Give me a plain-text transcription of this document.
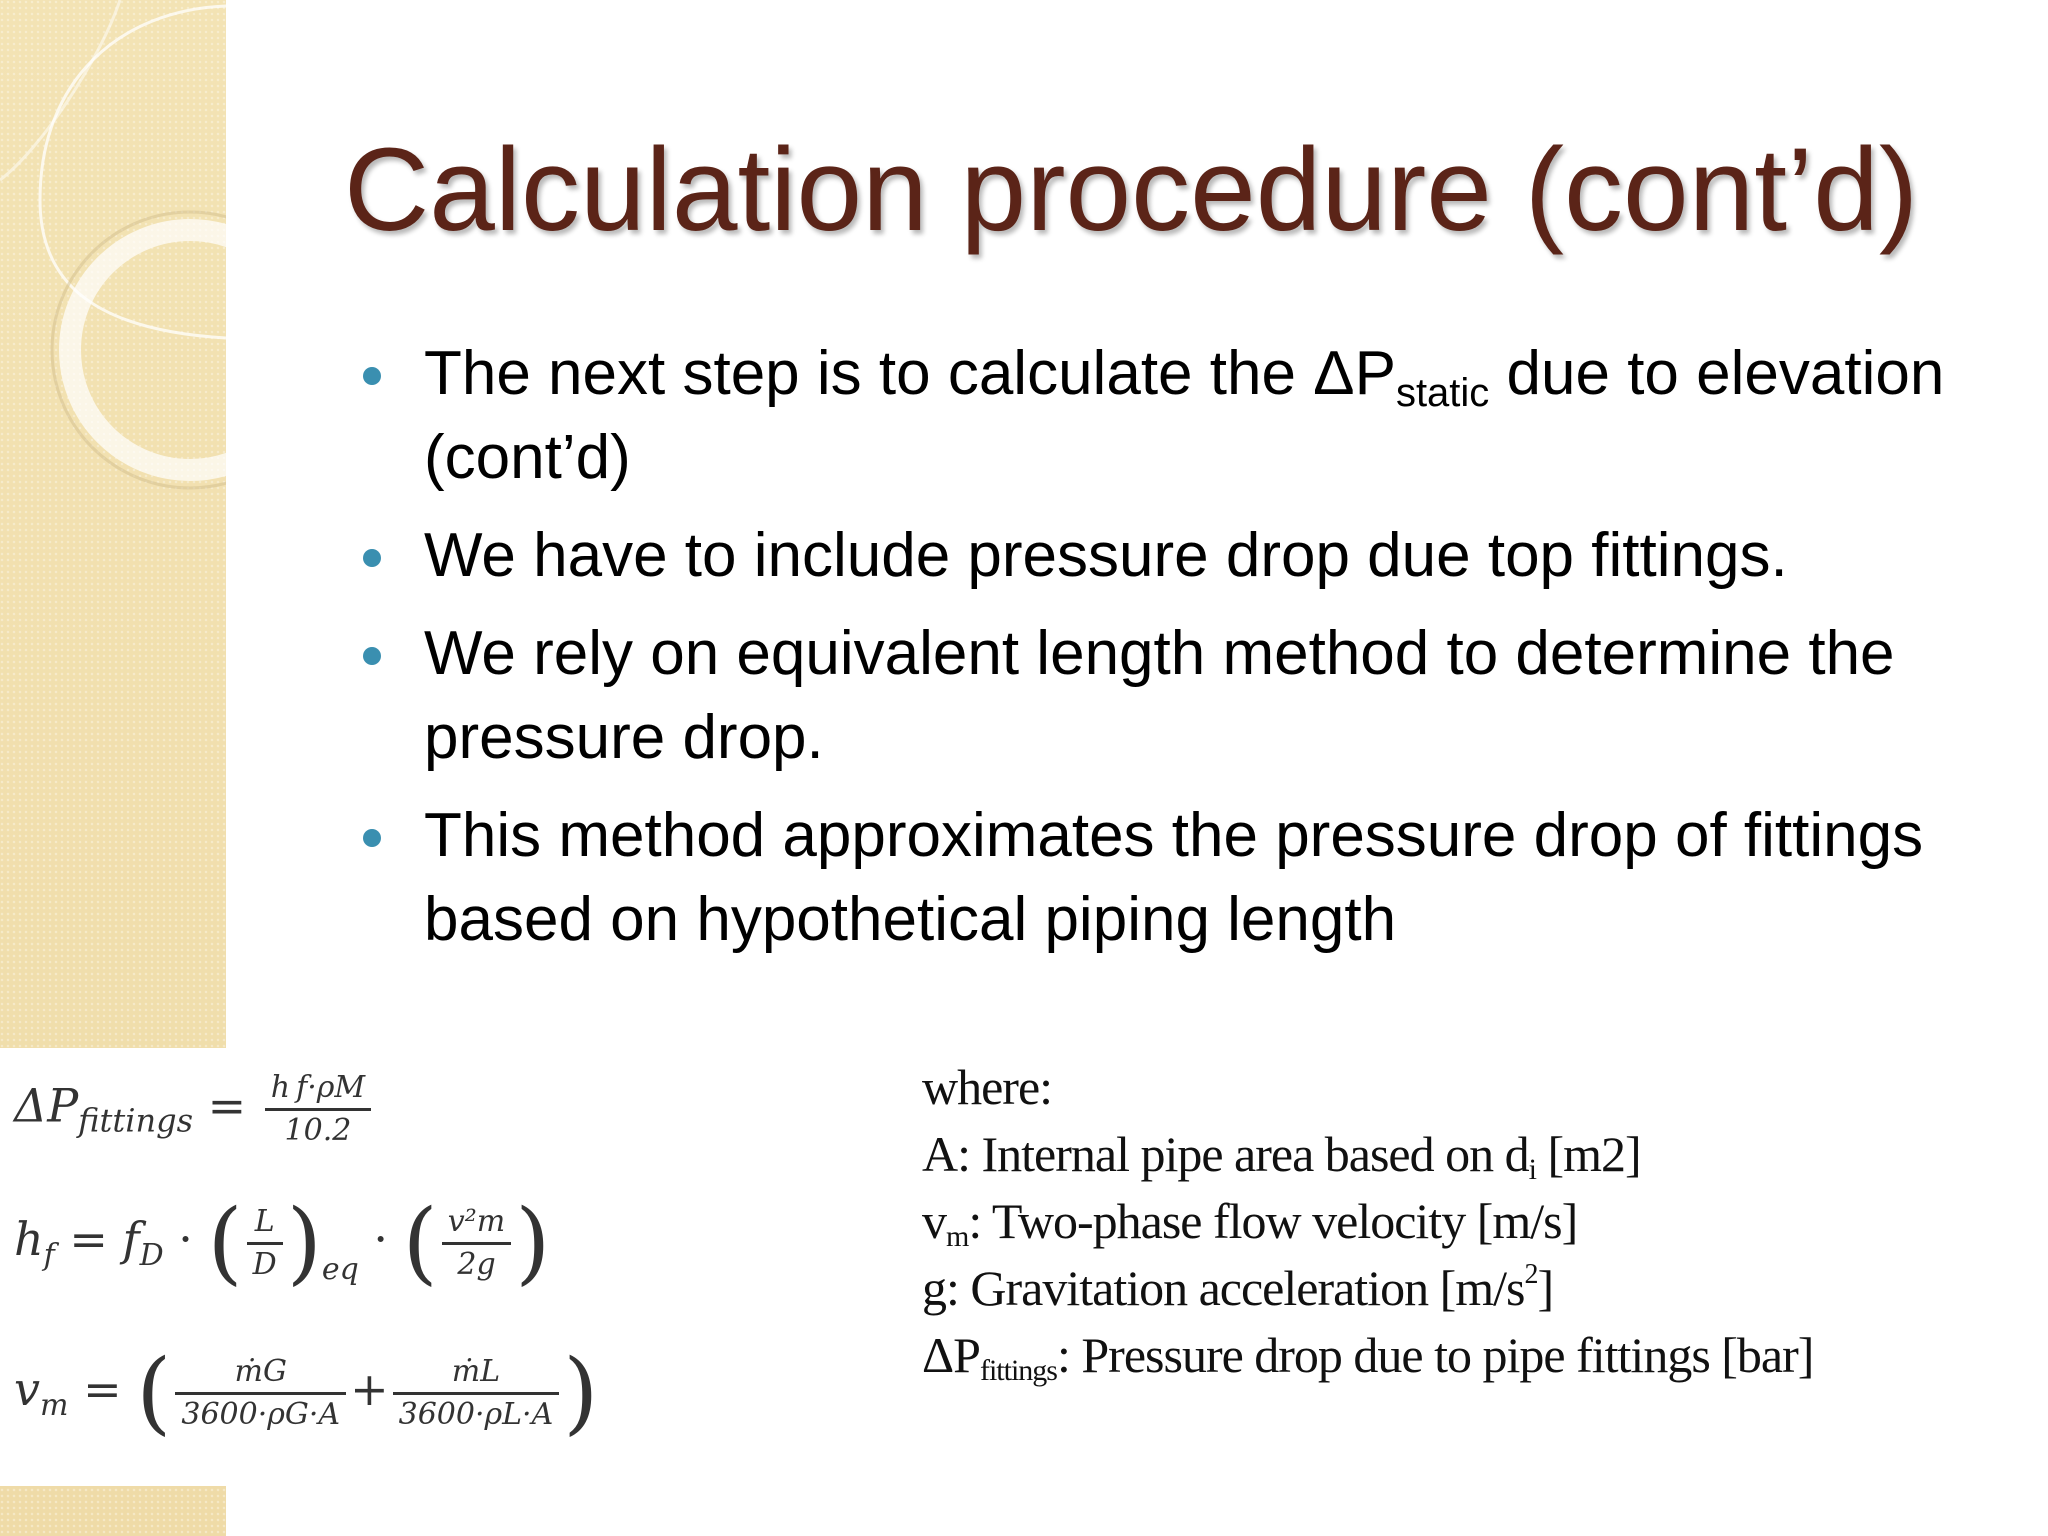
Calculation procedure (cont’d)
The next step is to calculate the $\Delta P_{static}$ due to elevation (cont’d)
We have to include pressure drop due top fittings.
We rely on equivalent length method to determine the pressure drop.
This method approximates the pressure drop of fittings based on hypothetical piping length
$\Delta P_{fittings} = \frac{\text{h f·ρM}}{10.2}$
$h_f = f_D$ · ( $\frac{L}{D} )_{eq}$ · ( $\frac{\text{v²m}}{2g}$ )
$v_m$ = ( $\frac{\text{ṁG}}{3600\cdot\rho G\cdot A} + \frac{\text{ṁL}}{3600\cdot\rho L\cdot A}$ )
where:
A: Internal pipe area based on $d_i$ [m2]
$v_m$: Two-phase flow velocity [m/s]
g: Gravitation acceleration $[m/s^2]$
$\Delta P_{fittings}$: Pressure drop due to pipe fittings [bar]
